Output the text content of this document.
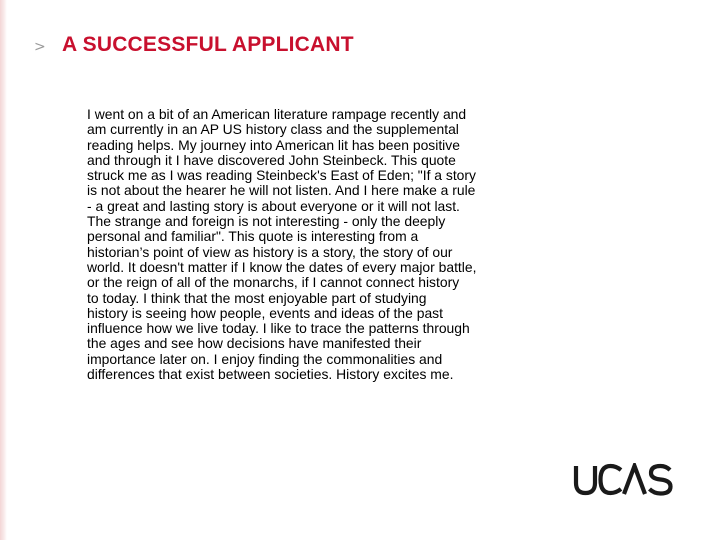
> A SUCCESSFUL APPLICANT

I went on a bit of an American literature rampage recently and
am currently in an AP US history class and the supplemental
reading helps. My journey into American lit has been positive
and through it I have discovered John Steinbeck. This quote
struck me as I was reading Steinbeck's East of Eden; "If a story
is not about the hearer he will not listen. And I here make a rule
- a great and lasting story is about everyone or it will not last.
The strange and foreign is not interesting - only the deeply
personal and familiar". This quote is interesting from a
historian’s point of view as history is a story, the story of our
world. It doesn't matter if I know the dates of every major battle,
or the reign of all of the monarchs, if I cannot connect history
to today. I think that the most enjoyable part of studying
history is seeing how people, events and ideas of the past
influence how we live today. I like to trace the patterns through
the ages and see how decisions have manifested their
importance later on. I enjoy finding the commonalities and
differences that exist between societies. History excites me.
